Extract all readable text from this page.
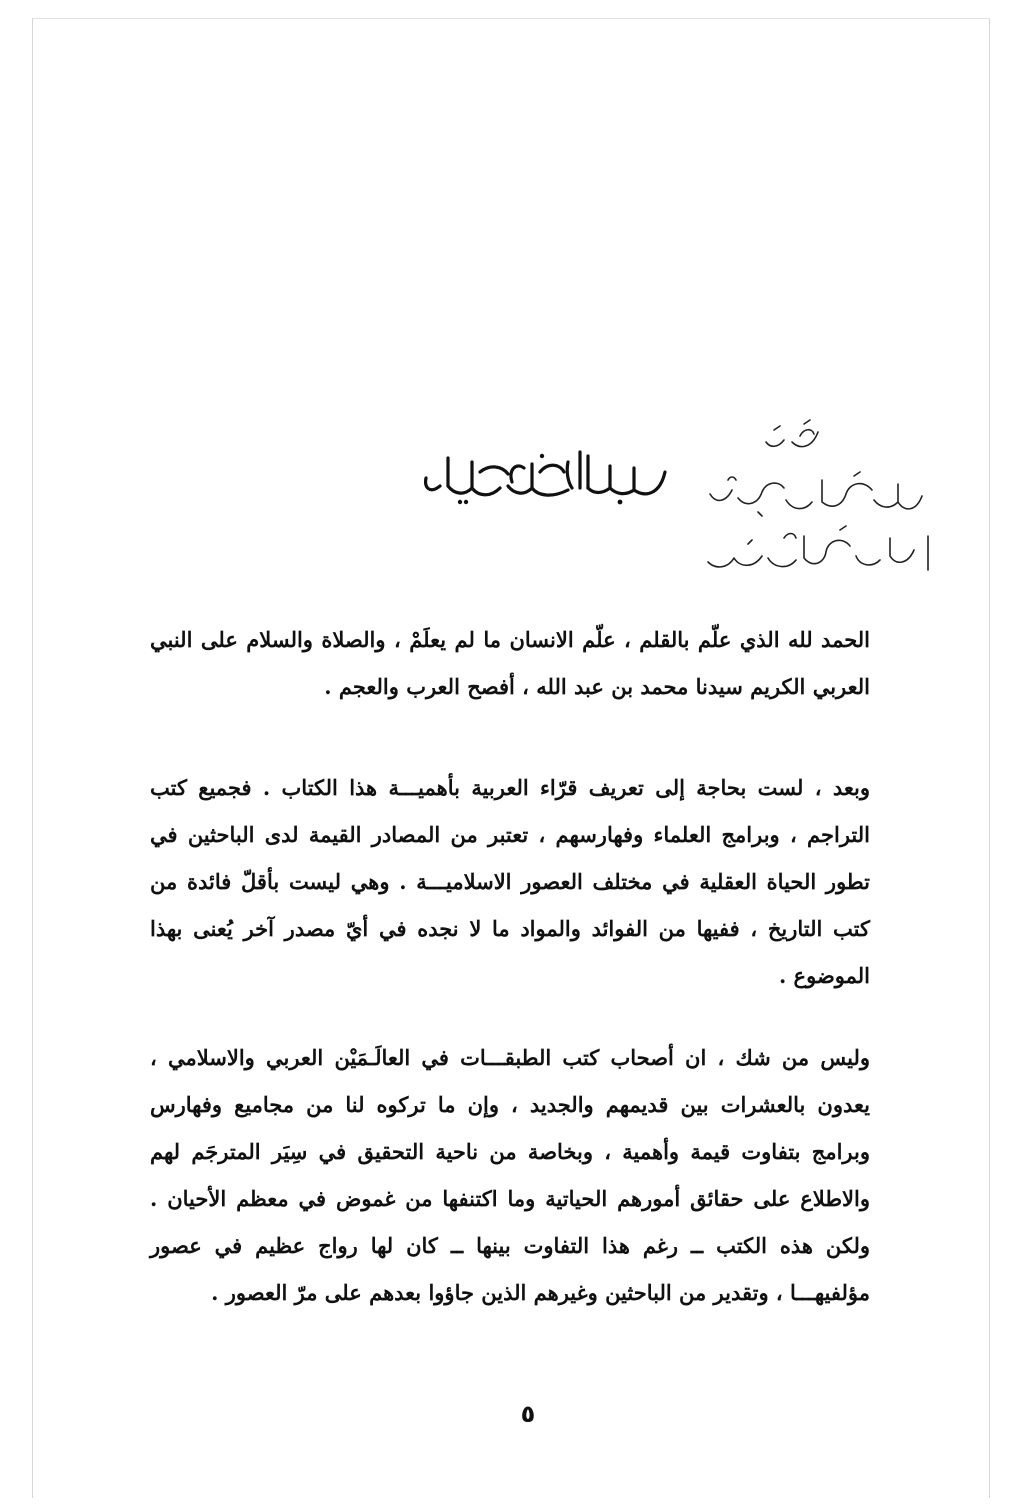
الحمد لله الذي علّم بالقلم ، علّم الانسان ما لم يعلَمْ ، والصلاة والسلام على النبي العربي الكريم سيدنا محمد بن عبد الله ، أفصح العرب والعجم .
وبعد ، لست بحاجة إلى تعريف قرّاء العربية بأهميـــة هذا الكتاب . فجميع كتب التراجم ، وبرامج العلماء وفهارسهم ، تعتبر من المصادر القيمة لدى الباحثين في تطور الحياة العقلية في مختلف العصور الاسلاميـــة . وهي ليست بأقلّ فائدة من كتب التاريخ ، ففيها من الفوائد والمواد ما لا نجده في أيّ مصدر آخر يُعنى بهذا الموضوع .
وليس من شك ، ان أصحاب كتب الطبقـــات في العالَـمَيْن العربي والاسلامي ، يعدون بالعشرات بين قديمهم والجديد ، وإن ما تركوه لنا من مجاميع وفهارس وبرامج بتفاوت قيمة وأهمية ، وبخاصة من ناحية التحقيق في سِيَر المترجَم لهم والاطلاع على حقائق أمورهم الحياتية وما اكتنفها من غموض في معظم الأحيان . ولكن هذه الكتب ــ رغم هذا التفاوت بينها ــ كان لها رواج عظيم في عصور مؤلفيهـــا ، وتقدير من الباحثين وغيرهم الذين جاؤوا بعدهم على مرّ العصور .
٥
